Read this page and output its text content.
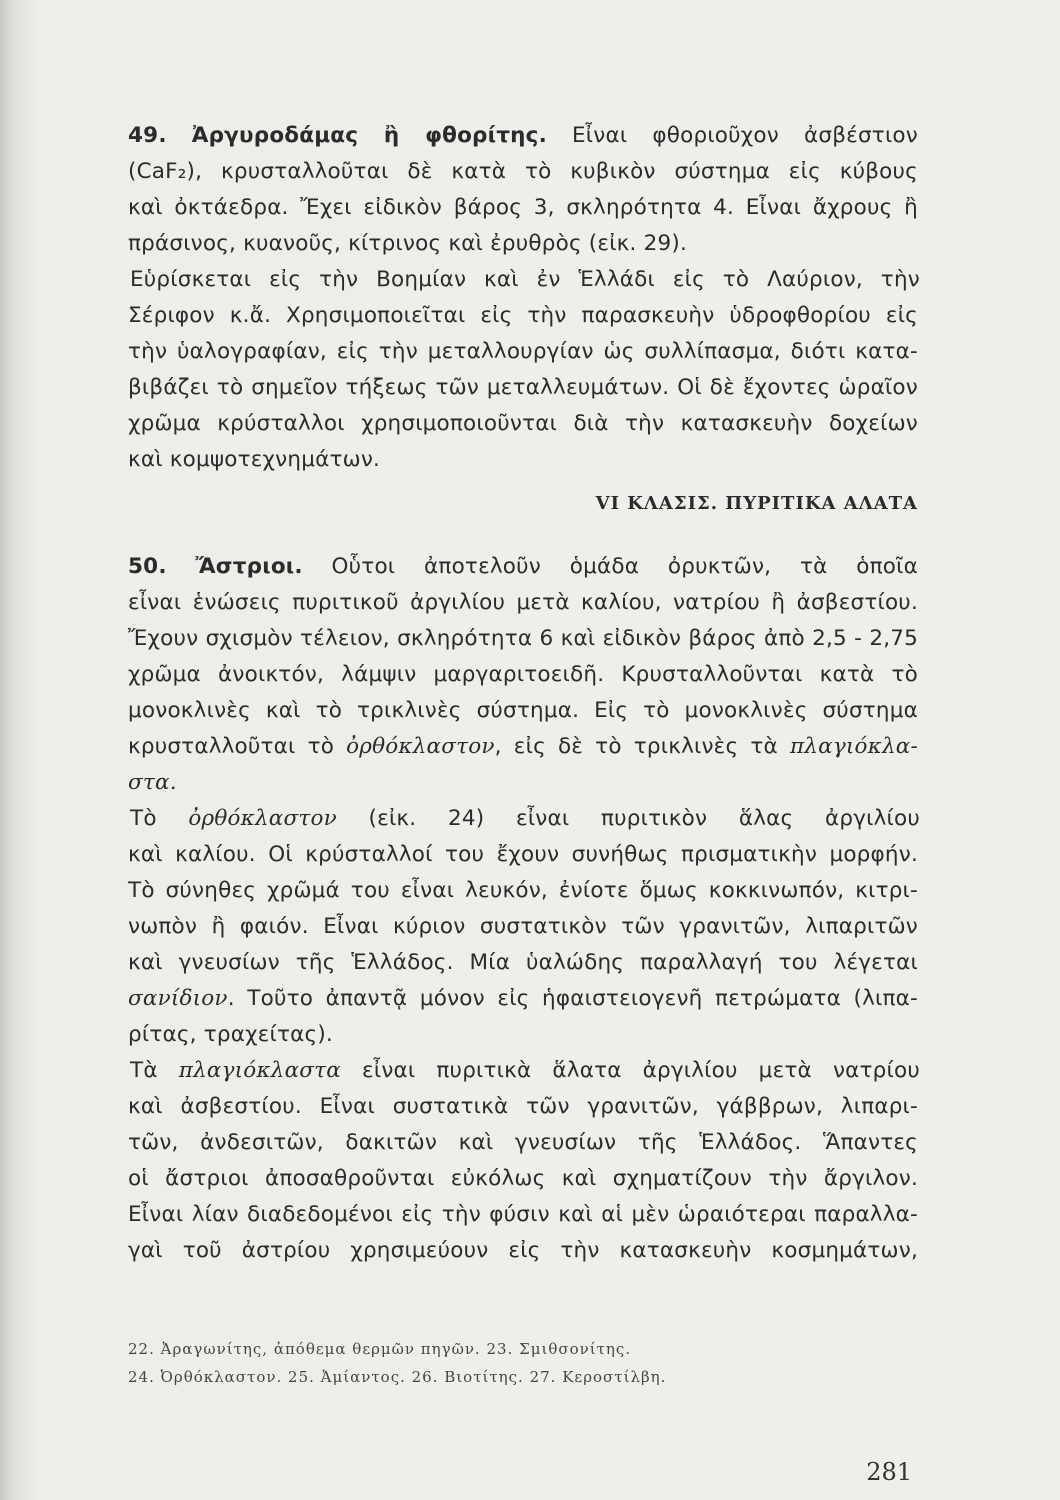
49. Ἀργυροδάμας ἢ φθορίτης. Εἶναι φθοριοῦχον ἀσβέστιον
(CaF₂), κρυσταλλοῦται δὲ κατὰ τὸ κυβικὸν σύστημα εἰς κύβους
καὶ ὀκτάεδρα. Ἔχει εἰδικὸν βάρος 3, σκληρότητα 4. Εἶναι ἄχρους ἢ
πράσινος, κυανοῦς, κίτρινος καὶ ἐρυθρὸς (εἰκ. 29).
Εὑρίσκεται εἰς τὴν Βοημίαν καὶ ἐν Ἑλλάδι εἰς τὸ Λαύριον, τὴν
Σέριφον κ.ἄ. Χρησιμοποιεῖται εἰς τὴν παρασκευὴν ὑδροφθορίου εἰς
τὴν ὑαλογραφίαν, εἰς τὴν μεταλλουργίαν ὡς συλλίπασμα, διότι κατα-
βιβάζει τὸ σημεῖον τήξεως τῶν μεταλλευμάτων. Οἱ δὲ ἔχοντες ὡραῖον
χρῶμα κρύσταλλοι χρησιμοποιοῦνται διὰ τὴν κατασκευὴν δοχείων
καὶ κομψοτεχνημάτων.
VI ΚΛΑΣΙΣ. ΠΥΡΙΤΙΚΑ ΑΛΑΤΑ
50. Ἄστριοι. Οὗτοι ἀποτελοῦν ὁμάδα ὀρυκτῶν, τὰ ὁποῖα
εἶναι ἑνώσεις πυριτικοῦ ἀργιλίου μετὰ καλίου, νατρίου ἢ ἀσβεστίου.
Ἔχουν σχισμὸν τέλειον, σκληρότητα 6 καὶ εἰδικὸν βάρος ἀπὸ 2,5 - 2,75
χρῶμα ἀνοικτόν, λάμψιν μαργαριτοειδῆ. Κρυσταλλοῦνται κατὰ τὸ
μονοκλινὲς καὶ τὸ τρικλινὲς σύστημα. Εἰς τὸ μονοκλινὲς σύστημα
κρυσταλλοῦται τὸ ὀρθόκλαστον, εἰς δὲ τὸ τρικλινὲς τὰ πλαγιόκλα-
στα.
Τὸ ὀρθόκλαστον (εἰκ. 24) εἶναι πυριτικὸν ἅλας ἀργιλίου
καὶ καλίου. Οἱ κρύσταλλοί του ἔχουν συνήθως πρισματικὴν μορφήν.
Τὸ σύνηθες χρῶμά του εἶναι λευκόν, ἐνίοτε ὅμως κοκκινωπόν, κιτρι-
νωπὸν ἢ φαιόν. Εἶναι κύριον συστατικὸν τῶν γρανιτῶν, λιπαριτῶν
καὶ γνευσίων τῆς Ἑλλάδος. Μία ὑαλώδης παραλλαγή του λέγεται
σανίδιον. Τοῦτο ἀπαντᾷ μόνον εἰς ἡφαιστειογενῆ πετρώματα (λιπα-
ρίτας, τραχείτας).
Τὰ πλαγιόκλαστα εἶναι πυριτικὰ ἅλατα ἀργιλίου μετὰ νατρίου
καὶ ἀσβεστίου. Εἶναι συστατικὰ τῶν γρανιτῶν, γάββρων, λιπαρι-
τῶν, ἀνδεσιτῶν, δακιτῶν καὶ γνευσίων τῆς Ἑλλάδος. Ἅπαντες
οἱ ἄστριοι ἀποσαθροῦνται εὐκόλως καὶ σχηματίζουν τὴν ἄργιλον.
Εἶναι λίαν διαδεδομένοι εἰς τὴν φύσιν καὶ αἱ μὲν ὡραιότεραι παραλλα-
γαὶ τοῦ ἀστρίου χρησιμεύουν εἰς τὴν κατασκευὴν κοσμημάτων,
22. Ἀραγωνίτης, ἀπόθεμα θερμῶν πηγῶν. 23. Σμιθσονίτης.
24. Ὀρθόκλαστον. 25. Ἀμίαντος. 26. Βιοτίτης. 27. Κεροστίλβη.
281
